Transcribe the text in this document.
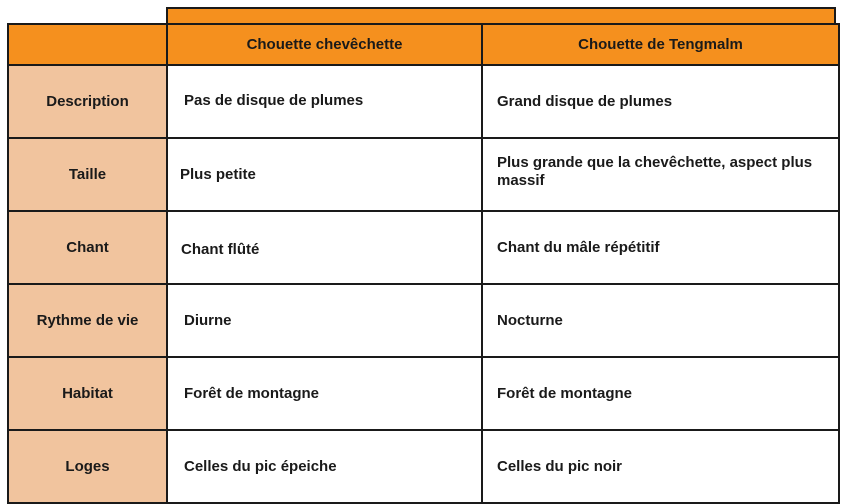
	Chouette chevêchette	Chouette de Tengmalm
Description	Pas de disque de plumes	Grand disque de plumes
Taille	Plus petite	Plus grande que la chevêchette, aspect plus massif
Chant	Chant flûté	Chant du mâle répétitif
Rythme de vie	Diurne	Nocturne
Habitat	Forêt de montagne	Forêt de montagne
Loges	Celles du pic épeiche	Celles du pic noir
